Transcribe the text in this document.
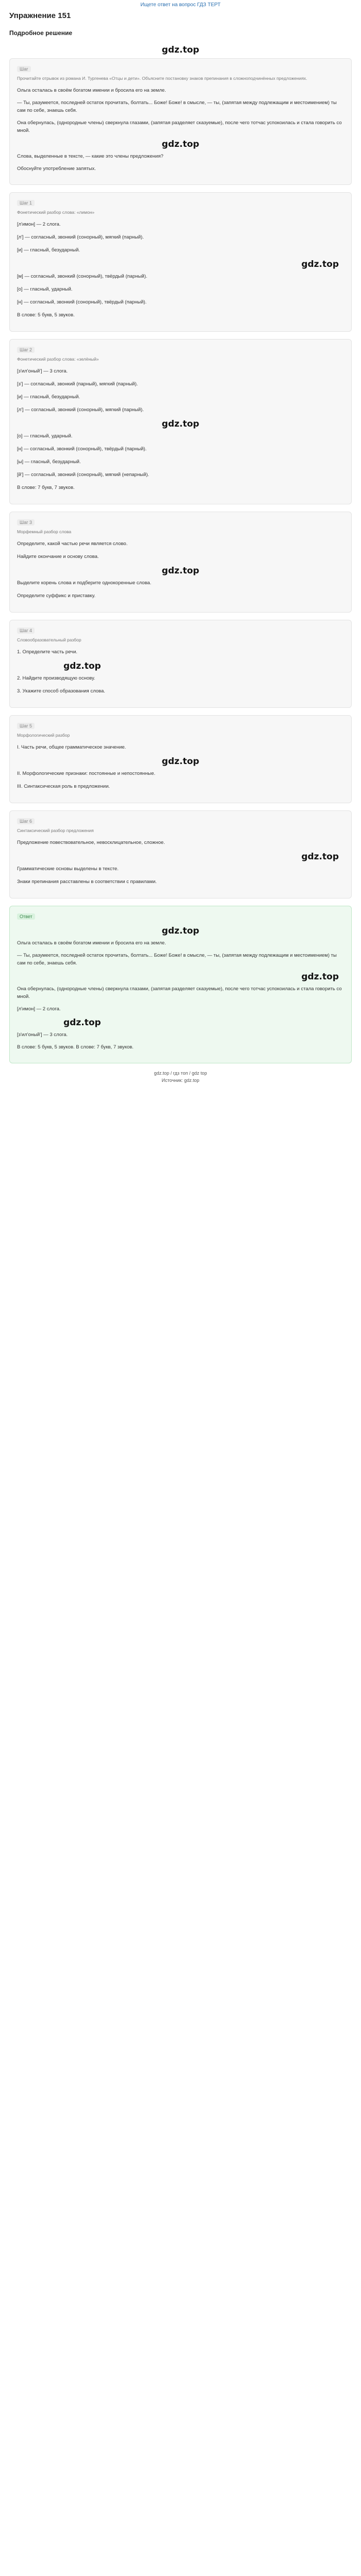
Ищете ответ на вопрос ГДЗ ТЕРТ
Упражнение 151
Подробное решение
gdz.top
Шаг
Прочитайте отрывок из романа И. Тургенева «Отцы и дети». Объясните постановку знаков препинания в сложноподчинённых предложениях.
Ольга осталась в своём богатом имении и бросила его на земле.
— Ты, разумеется, последней остаток прочитать, болтать... Боже! Боже! в смысле, — ты, (запятая между подлежащим и местоимением) ты сам по себе, знаешь себя.
Она обернулась, (однородные члены) сверкнула глазами, (запятая разделяет сказуемые), после чего тотчас успокоилась и стала говорить со мной.
gdz.top
Слова, выделенные в тексте, — какие это члены предложения?
Обоснуйте употребление запятых.
Шаг 1
Фонетический разбор слова: «лимон»
[л'имон] — 2 слога.
[л'] — согласный, звонкий (сонорный), мягкий (парный).
[и] — гласный, безударный.
gdz.top
[м] — согласный, звонкий (сонорный), твёрдый (парный).
[о] — гласный, ударный.
[н] — согласный, звонкий (сонорный), твёрдый (парный).
В слове: 5 букв, 5 звуков.
Шаг 2
Фонетический разбор слова: «зелёный»
[з'ил'оный'] — 3 слога.
[з'] — согласный, звонкий (парный), мягкий (парный).
[и] — гласный, безударный.
[л'] — согласный, звонкий (сонорный), мягкий (парный).
gdz.top
[о] — гласный, ударный.
[н] — согласный, звонкий (сонорный), твёрдый (парный).
[ы] — гласный, безударный.
[й'] — согласный, звонкий (сонорный), мягкий (непарный).
В слове: 7 букв, 7 звуков.
Шаг 3
Морфемный разбор слова
Определите, какой частью речи является слово.
Найдите окончание и основу слова.
gdz.top
Выделите корень слова и подберите однокоренные слова.
Определите суффикс и приставку.
Шаг 4
Словообразовательный разбор
1. Определите часть речи.
gdz.top
2. Найдите производящую основу.
3. Укажите способ образования слова.
Шаг 5
Морфологический разбор
I. Часть речи, общее грамматическое значение.
gdz.top
II. Морфологические признаки: постоянные и непостоянные.
III. Синтаксическая роль в предложении.
Шаг 6
Синтаксический разбор предложения
Предложение повествовательное, невосклицательное, сложное.
gdz.top
Грамматические основы выделены в тексте.
Знаки препинания расставлены в соответствии с правилами.
Ответ
gdz.top
Ольга осталась в своём богатом имении и бросила его на земле.
— Ты, разумеется, последней остаток прочитать, болтать... Боже! Боже! в смысле, — ты, (запятая между подлежащим и местоимением) ты сам по себе, знаешь себя.
gdz.top
Она обернулась, (однородные члены) сверкнула глазами, (запятая разделяет сказуемые), после чего тотчас успокоилась и стала говорить со мной.
[л'имон] — 2 слога.
gdz.top
[з'ил'оный'] — 3 слога.
В слове: 5 букв, 5 звуков. В слове: 7 букв, 7 звуков.
gdz.top / гдз топ / gdz top
Источник: gdz.top
